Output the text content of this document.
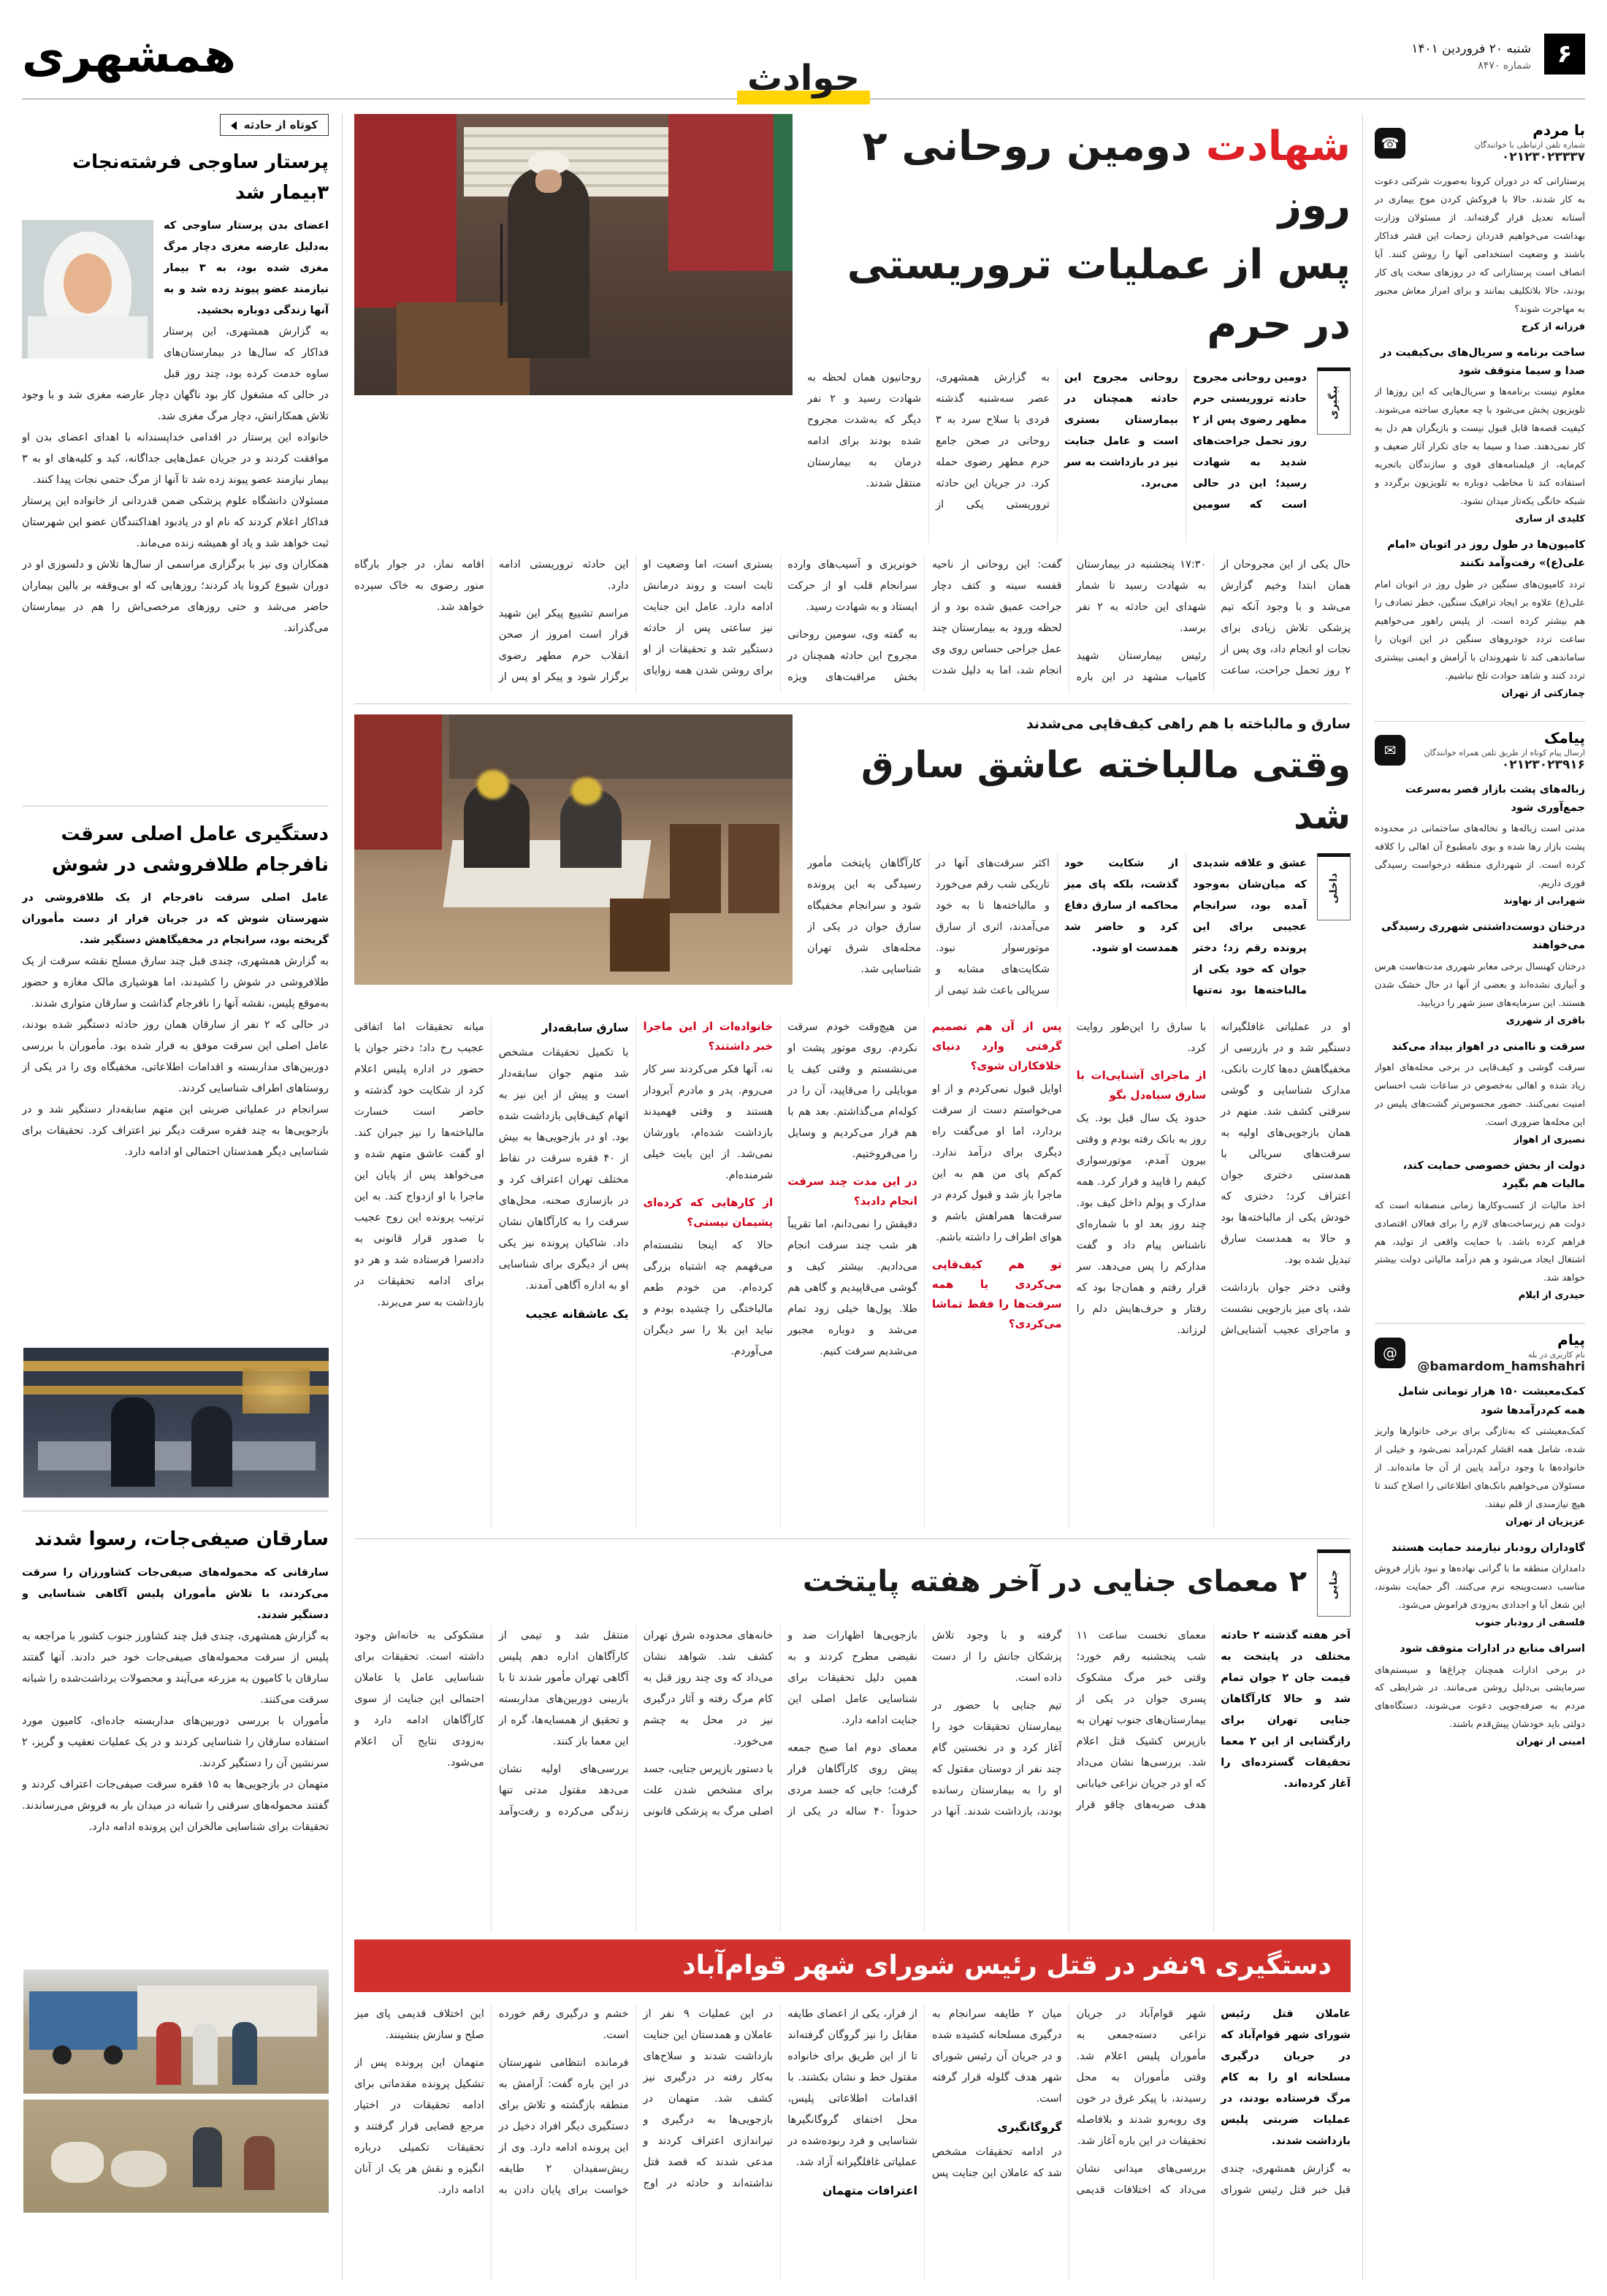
۶
شنبه ۲۰ فروردین ۱۴۰۱
شماره ۸۴۷۰
حوادث
همشهری
با مردم
شماره تلفن ارتباطی با خوانندگان
۰۲۱۲۳۰۲۳۳۳۷
☎
پرستارانی که در دوران کرونا به‌صورت شرکتی دعوت به کار شدند، حالا با فروکش کردن موج بیماری در آستانه تعدیل قرار گرفته‌اند. از مسئولان وزارت بهداشت می‌خواهیم قدردان زحمات این قشر فداکار باشند و وضعیت استخدامی آنها را روشن کنند. آیا انصاف است پرستارانی که در روزهای سخت پای کار بودند، حالا بلاتکلیف بمانند و برای امرار معاش مجبور به مهاجرت شوند؟
فرزانه از کرج
ساخت برنامه و سریال‌های بی‌کیفیت در صدا و سیما متوقف شود
معلوم نیست برنامه‌ها و سریال‌هایی که این روزها از تلویزیون پخش می‌شود با چه معیاری ساخته می‌شوند. کیفیت قصه‌ها قابل قبول نیست و بازیگران هم دل به کار نمی‌دهند. صدا و سیما به جای تکرار آثار ضعیف و کم‌مایه، از فیلمنامه‌های قوی و سازندگان باتجربه استفاده کند تا مخاطب دوباره به تلویزیون برگردد و شبکه خانگی یکه‌تاز میدان نشود.
کلیدی از ساری
کامیون‌ها در طول روز در اتوبان «امام علی(ع)» رفت‌وآمد نکنند
تردد کامیون‌های سنگین در طول روز در اتوبان امام علی(ع) علاوه بر ایجاد ترافیک سنگین، خطر تصادف را هم بیشتر کرده است. از پلیس راهور می‌خواهیم ساعت تردد خودروهای سنگین در این اتوبان را ساماندهی کند تا شهروندان با آرامش و ایمنی بیشتری تردد کنند و شاهد حوادث تلخ نباشیم.
چمازکتی از تهران
پیامک
ارسال پیام کوتاه از طریق تلفن همراه خوانندگان
۰۲۱۲۳۰۲۳۹۱۶
✉
زباله‌های پشت بازار قصر به‌سرعت جمع‌آوری شود
مدتی است زباله‌ها و نخاله‌های ساختمانی در محدوده پشت بازار رها شده و بوی نامطبوع آن اهالی را کلافه کرده است. از شهرداری منطقه درخواست رسیدگی فوری داریم.
شهرابی از نهاوند
درختان دوست‌داشتنی شهرری رسیدگی می‌خواهند
درختان کهنسال برخی معابر شهرری مدت‌هاست هرس و آبیاری نشده‌اند و بعضی از آنها در حال خشک شدن هستند. این سرمایه‌های سبز شهر را دریابید.
باقری از شهرری
سرقت و ناامنی در اهواز بیداد می‌کند
سرقت گوشی و کیف‌قاپی در برخی محله‌های اهواز زیاد شده و اهالی به‌خصوص در ساعات شب احساس امنیت نمی‌کنند. حضور محسوس‌تر گشت‌های پلیس در این محله‌ها ضروری است.
نصیری از اهواز
دولت از بخش خصوصی حمایت کند، مالیات هم بگیرد
اخذ مالیات از کسب‌وکارها زمانی منصفانه است که دولت هم زیرساخت‌های لازم را برای فعالان اقتصادی فراهم کرده باشد. با حمایت واقعی از تولید، هم اشتغال ایجاد می‌شود و هم درآمد مالیاتی دولت بیشتر خواهد شد.
حیدری از ایلام
پیام
نام کاربری در بله
@bamardom_hamshahri
@
کمک‌معیشت ۱۵۰ هزار تومانی شامل همه کم‌درآمدها شود
کمک‌معیشتی که به‌تازگی برای برخی خانوارها واریز شده، شامل همه اقشار کم‌درآمد نمی‌شود و خیلی از خانواده‌ها با وجود درآمد پایین از آن جا مانده‌اند. از مسئولان می‌خواهیم بانک‌های اطلاعاتی را اصلاح کنند تا هیچ نیازمندی از قلم نیفتد.
عزیزیان از تهران
گاوداران رودبار نیازمند حمایت هستند
دامداران منطقه ما با گرانی نهاده‌ها و نبود بازار فروش مناسب دست‌وپنجه نرم می‌کنند. اگر حمایت نشوند، این شغل آبا و اجدادی به‌زودی فراموش می‌شود.
فلسفی از رودبار جنوب
اسراف منابع در ادارات متوقف شود
در برخی ادارات همچنان چراغ‌ها و سیستم‌های سرمایشی بی‌دلیل روشن می‌مانند. در شرایطی که مردم به صرفه‌جویی دعوت می‌شوند، دستگاه‌های دولتی باید خودشان پیش‌قدم باشند.
امینی از تهران
شهادت دومین روحانی ۲ روز
پس از عملیات تروریستی در حرم
پیگیری

دومین روحانی مجروح حادثه تروریستی حرم مطهر رضوی پس از ۲ روز تحمل جراحت‌های شدید به شهادت رسید؛ این در حالی است که سومین روحانی مجروح این حادثه همچنان در بیمارستان بستری است و عامل جنایت نیز در بازداشت به سر می‌برد.

به گزارش همشهری، عصر سه‌شنبه گذشته فردی با سلاح سرد به ۳ روحانی در صحن جامع حرم مطهر رضوی حمله کرد. در جریان این حادثه تروریستی یکی از روحانیون همان لحظه به شهادت رسید و ۲ نفر دیگر که به‌شدت مجروح شده بودند برای ادامه درمان به بیمارستان منتقل شدند.

حال یکی از این مجروحان از همان ابتدا وخیم گزارش می‌شد و با وجود آنکه تیم پزشکی تلاش زیادی برای نجات او انجام داد، وی پس از ۲ روز تحمل جراحت، ساعت ۱۷:۳۰ پنجشنبه در بیمارستان به شهادت رسید تا شمار شهدای این حادثه به ۲ نفر برسد.

رئیس بیمارستان شهید کامیاب مشهد در این باره گفت: این روحانی از ناحیه قفسه سینه و کتف دچار جراحت عمیق شده بود و از لحظه ورود به بیمارستان چند عمل جراحی حساس روی وی انجام شد، اما به دلیل شدت خونریزی و آسیب‌های وارده سرانجام قلب او از حرکت ایستاد و به شهادت رسید.

به گفته وی، سومین روحانی مجروح این حادثه همچنان در بخش مراقبت‌های ویژه بستری است، اما وضعیت او ثابت است و روند درمانش ادامه دارد. عامل این جنایت نیز ساعتی پس از حادثه دستگیر شد و تحقیقات از او برای روشن شدن همه زوایای این حادثه تروریستی ادامه دارد.

مراسم تشییع پیکر این شهید قرار است امروز از صحن انقلاب حرم مطهر رضوی برگزار شود و پیکر او پس از اقامه نماز، در جوار بارگاه منور رضوی به خاک سپرده خواهد شد.

سارق و مالباخته با هم راهی کیف‌قاپی می‌شدند
وقتی مالباخته عاشق سارق شد
داخلی

عشق و علاقه شدیدی که میان‌شان به‌وجود آمده بود، سرانجام عجیبی برای این پرونده رقم زد؛ دختر جوان که خود یکی از مالباخته‌ها بود نه‌تنها از شکایت خود گذشت، بلکه پای میز محاکمه از سارق دفاع کرد و حاضر شد همدست او شود.

اکثر سرقت‌های آنها در تاریکی شب رقم می‌خورد و مالباخته‌ها تا به خود می‌آمدند، اثری از سارق موتورسوار نبود. شکایت‌های مشابه و سریالی باعث شد تیمی از کارآگاهان پایتخت مأمور رسیدگی به این پرونده شود و سرانجام مخفیگاه سارق جوان در یکی از محله‌های شرق تهران شناسایی شد.

او در عملیاتی غافلگیرانه دستگیر شد و در بازرسی از مخفیگاهش ده‌ها کارت بانکی، مدارک شناسایی و گوشی سرقتی کشف شد. متهم در همان بازجویی‌های اولیه به سرقت‌های سریالی با همدستی دختری جوان اعتراف کرد؛ دختری که خودش یکی از مالباخته‌ها بود و حالا به همدست سارق تبدیل شده بود.

وقتی دختر جوان بازداشت شد، پای میز بازجویی نشست و ماجرای عجیب آشنایی‌اش با سارق را این‌طور روایت کرد.

از ماجرای آشنایی‌ات با سارق سیاه‌دل بگو

حدود یک سال قبل بود. یک روز به بانک رفته بودم و وقتی بیرون آمدم، موتورسواری کیفم را قاپید و فرار کرد. همه مدارک و پولم داخل کیف بود. چند روز بعد او با شماره‌ای ناشناس پیام داد و گفت مدارکم را پس می‌دهد. سر قرار رفتم و همان‌جا بود که رفتار و حرف‌هایش دلم را لرزاند.

پس از آن هم تصمیم گرفتی وارد دنیای خلافکاران شوی؟

اوایل قبول نمی‌کردم و از او می‌خواستم دست از سرقت بردارد، اما او می‌گفت راه دیگری برای درآمد ندارد. کم‌کم پای من هم به این ماجرا باز شد و قبول کردم در سرقت‌ها همراهش باشم و هوای اطراف را داشته باشم.

تو هم کیف‌قاپی می‌کردی یا همه سرقت‌ها را فقط تماشا می‌کردی؟

من هیچ‌وقت خودم سرقت نکردم. روی موتور پشت او می‌نشستم و وقتی کیف یا موبایلی را می‌قاپید، آن را در کوله‌ام می‌گذاشتم. بعد هم با هم فرار می‌کردیم و وسایل را می‌فروختیم.

در این مدت چند سرقت انجام دادید؟

دقیقش را نمی‌دانم، اما تقریباً هر شب چند سرقت انجام می‌دادیم. بیشتر کیف و گوشی می‌قاپیدیم و گاهی هم طلا. پول‌ها خیلی زود تمام می‌شد و دوباره مجبور می‌شدیم سرقت کنیم.

خانواده‌ات از این ماجرا خبر داشتند؟

نه، آنها فکر می‌کردند سر کار می‌روم. پدر و مادرم آبرودار هستند و وقتی فهمیدند بازداشت شده‌ام، باورشان نمی‌شد. از این بابت خیلی شرمنده‌ام.

از کارهایی که کرده‌ای پشیمان نیستی؟

حالا که اینجا نشسته‌ام می‌فهمم چه اشتباه بزرگی کرده‌ام. من خودم طعم مالباختگی را چشیده بودم و نباید این بلا را سر دیگران می‌آوردم.

سارق سابقه‌دار

با تکمیل تحقیقات مشخص شد متهم جوان سابقه‌دار است و پیش از این نیز به اتهام کیف‌قاپی بازداشت شده بود. او در بازجویی‌ها به بیش از ۴۰ فقره سرقت در نقاط مختلف تهران اعتراف کرد و در بازسازی صحنه، محل‌های سرقت را به کارآگاهان نشان داد. شاکیان پرونده نیز یکی پس از دیگری برای شناسایی او به اداره آگاهی آمدند.

یک عاشقانه عجیب

میانه تحقیقات اما اتفاقی عجیب رخ داد؛ دختر جوان با حضور در اداره پلیس اعلام کرد از شکایت خود گذشته و حاضر است خسارت مالباخته‌ها را نیز جبران کند. او گفت عاشق متهم شده و می‌خواهد پس از پایان این ماجرا با او ازدواج کند. به این ترتیب پرونده این زوج عجیب با صدور قرار قانونی به دادسرا فرستاده شد و هر دو برای ادامه تحقیقات در بازداشت به سر می‌برند.

جنایی
۲ معمای جنایی در آخر هفته پایتخت

آخر هفته گذشته ۲ حادثه مختلف در پایتخت به قیمت جان ۲ جوان تمام شد و حالا کارآگاهان جنایی تهران برای رازگشایی از این ۲ معما تحقیقات گسترده‌ای را آغاز کرده‌اند.

معمای نخست ساعت ۱۱ شب پنجشنبه رقم خورد؛ وقتی خبر مرگ مشکوک پسری جوان در یکی از بیمارستان‌های جنوب تهران به بازپرس کشیک قتل اعلام شد. بررسی‌ها نشان می‌داد که او در جریان نزاعی خیابانی هدف ضربه‌های چاقو قرار گرفته و با وجود تلاش پزشکان جانش را از دست داده است.

تیم جنایی با حضور در بیمارستان تحقیقات خود را آغاز کرد و در نخستین گام چند نفر از دوستان مقتول که او را به بیمارستان رسانده بودند، بازداشت شدند. آنها در بازجویی‌ها اظهارات ضد و نقیضی مطرح کردند و به همین دلیل تحقیقات برای شناسایی عامل اصلی این جنایت ادامه دارد.

معمای دوم اما صبح جمعه پیش روی کارآگاهان قرار گرفت؛ جایی که جسد مردی حدوداً ۴۰ ساله در یکی از خانه‌های محدوده شرق تهران کشف شد. شواهد نشان می‌داد که وی چند روز قبل به کام مرگ رفته و آثار درگیری نیز در محل به چشم می‌خورد.

با دستور بازپرس جنایی، جسد برای مشخص شدن علت اصلی مرگ به پزشکی قانونی منتقل شد و تیمی از کارآگاهان اداره دهم پلیس آگاهی تهران مأمور شدند تا با بازبینی دوربین‌های مداربسته و تحقیق از همسایه‌ها، گره از این معما باز کنند.

بررسی‌های اولیه نشان می‌دهد مقتول مدتی تنها زندگی می‌کرده و رفت‌وآمد مشکوکی به خانه‌اش وجود داشته است. تحقیقات برای شناسایی عامل یا عاملان احتمالی این جنایت از سوی کارآگاهان ادامه دارد و به‌زودی نتایج آن اعلام می‌شود.

دستگیری ۹نفر در قتل رئیس شورای شهر قوام‌آباد

عاملان قتل رئیس شورای شهر قوام‌آباد که در جریان درگیری مسلحانه او را به کام مرگ فرستاده بودند، در عملیات ضربتی پلیس بازداشت شدند.

به گزارش همشهری، چندی قبل خبر قتل رئیس شورای شهر قوام‌آباد در جریان نزاعی دسته‌جمعی به مأموران پلیس اعلام شد. وقتی مأموران به محل رسیدند، با پیکر غرق در خون وی روبه‌رو شدند و بلافاصله تحقیقات در این باره آغاز شد.

بررسی‌های میدانی نشان می‌داد که اختلافات قدیمی میان ۲ طایفه سرانجام به درگیری مسلحانه کشیده شده و در جریان آن رئیس شورای شهر هدف گلوله قرار گرفته است.

گروگانگیری

در ادامه تحقیقات مشخص شد که عاملان این جنایت پس از فرار، یکی از اعضای طایفه مقابل را نیز گروگان گرفته‌اند تا از این طریق برای خانواده مقتول خط و نشان بکشند. با اقدامات اطلاعاتی پلیس، محل اختفای گروگانگیرها شناسایی و فرد ربوده‌شده در عملیاتی غافلگیرانه آزاد شد.

اعترافات متهمان

در این عملیات ۹ نفر از عاملان و همدستان این جنایت بازداشت شدند و سلاح‌های به‌کار رفته در درگیری نیز کشف شد. متهمان در بازجویی‌ها به درگیری و تیراندازی اعتراف کردند و مدعی شدند که قصد قتل نداشته‌اند و حادثه در اوج خشم و درگیری رقم خورده است.

فرمانده انتظامی شهرستان در این باره گفت: آرامش به منطقه بازگشته و تلاش برای دستگیری دیگر افراد دخیل در این پرونده ادامه دارد. وی از ریش‌سفیدان ۲ طایفه خواست برای پایان دادن به این اختلاف قدیمی پای میز صلح و سازش بنشینند.

متهمان این پرونده پس از تشکیل پرونده مقدماتی برای ادامه تحقیقات در اختیار مرجع قضایی قرار گرفتند و تحقیقات تکمیلی درباره انگیزه و نقش هر یک از آنان ادامه دارد.

کوتاه از حادثه
پرستار ساوجی فرشته‌نجات ۳بیمار شد

اعضای بدن پرستار ساوجی که به‌دلیل عارضه مغزی دچار مرگ مغزی شده بود، به ۳ بیمار نیازمند عضو پیوند زده شد و به آنها زندگی دوباره بخشید.

به گزارش همشهری، این پرستار فداکار که سال‌ها در بیمارستان‌های ساوه خدمت کرده بود، چند روز قبل در حالی که مشغول کار بود ناگهان دچار عارضه مغزی شد و با وجود تلاش همکارانش، دچار مرگ مغزی شد.

خانواده این پرستار در اقدامی خداپسندانه با اهدای اعضای بدن او موافقت کردند و در جریان عمل‌هایی جداگانه، کبد و کلیه‌های او به ۳ بیمار نیازمند عضو پیوند زده شد تا آنها از مرگ حتمی نجات پیدا کنند.

مسئولان دانشگاه علوم پزشکی ضمن قدردانی از خانواده این پرستار فداکار اعلام کردند که نام او در یادبود اهداکنندگان عضو این شهرستان ثبت خواهد شد و یاد او همیشه زنده می‌ماند.

همکاران وی نیز با برگزاری مراسمی از سال‌ها تلاش و دلسوزی او در دوران شیوع کرونا یاد کردند؛ روزهایی که او بی‌وقفه بر بالین بیماران حاضر می‌شد و حتی روزهای مرخصی‌اش را هم در بیمارستان می‌گذراند.

دستگیری عامل اصلی سرقت نافرجام طلافروشی در شوش

عامل اصلی سرقت نافرجام از یک طلافروشی در شهرستان شوش که در جریان فرار از دست مأموران گریخته بود، سرانجام در مخفیگاهش دستگیر شد.

به گزارش همشهری، چندی قبل چند سارق مسلح نقشه سرقت از یک طلافروشی در شوش را کشیدند، اما هوشیاری مالک مغازه و حضور به‌موقع پلیس، نقشه آنها را نافرجام گذاشت و سارقان متواری شدند.

در حالی که ۲ نفر از سارقان همان روز حادثه دستگیر شده بودند، عامل اصلی این سرقت موفق به فرار شده بود. مأموران با بررسی دوربین‌های مداربسته و اقدامات اطلاعاتی، مخفیگاه وی را در یکی از روستاهای اطراف شناسایی کردند.

سرانجام در عملیاتی ضربتی این متهم سابقه‌دار دستگیر شد و در بازجویی‌ها به چند فقره سرقت دیگر نیز اعتراف کرد. تحقیقات برای شناسایی دیگر همدستان احتمالی او ادامه دارد.

سارقان صیفی‌جات، رسوا شدند

سارقانی که محموله‌های صیفی‌جات کشاورزان را سرقت می‌کردند، با تلاش مأموران پلیس آگاهی شناسایی و دستگیر شدند.

به گزارش همشهری، چندی قبل چند کشاورز جنوب کشور با مراجعه به پلیس از سرقت محموله‌های صیفی‌جات خود خبر دادند. آنها گفتند سارقان با کامیون به مزرعه می‌آیند و محصولات برداشت‌شده را شبانه سرقت می‌کنند.

مأموران با بررسی دوربین‌های مداربسته جاده‌ای، کامیون مورد استفاده سارقان را شناسایی کردند و در یک عملیات تعقیب و گریز، ۲ سرنشین آن را دستگیر کردند.

متهمان در بازجویی‌ها به ۱۵ فقره سرقت صیفی‌جات اعتراف کردند و گفتند محموله‌های سرقتی را شبانه در میدان بار به فروش می‌رساندند. تحقیقات برای شناسایی مالخران این پرونده ادامه دارد.
